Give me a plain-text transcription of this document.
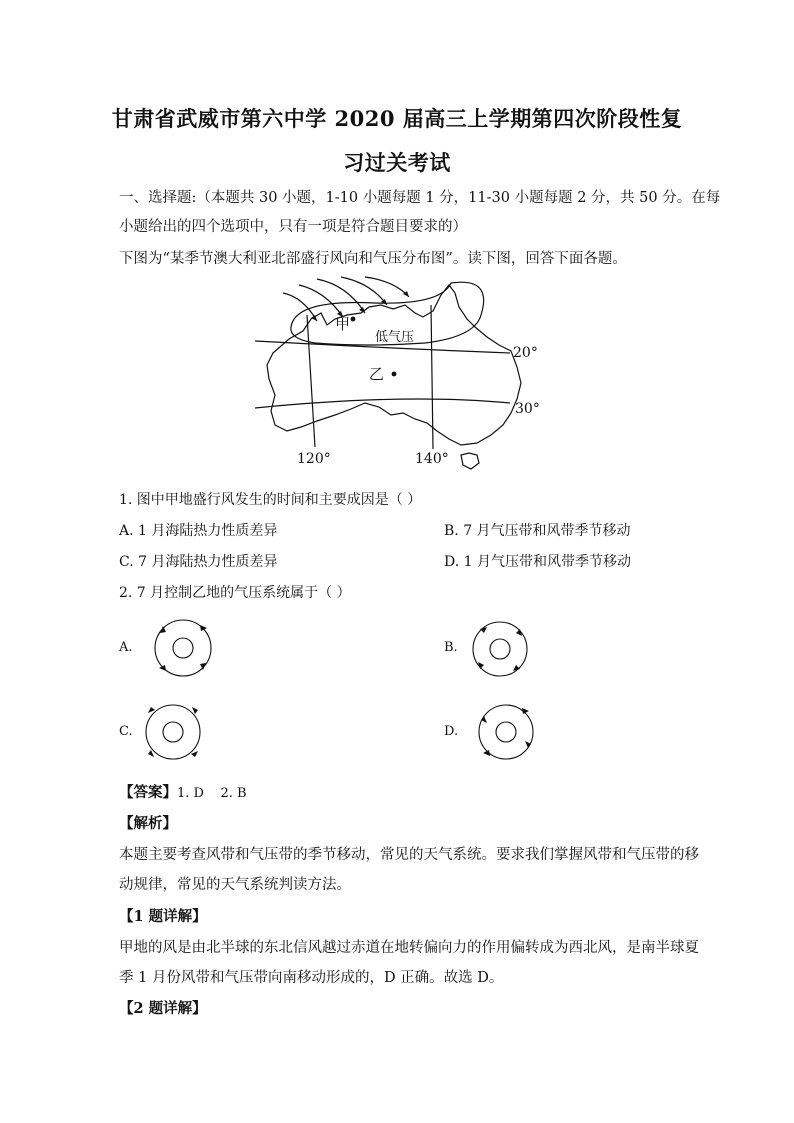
甘肃省武威市第六中学 2020 届高三上学期第四次阶段性复
习过关考试
一、选择题:（本题共 30 小题，1-10 小题每题 1 分，11-30 小题每题 2 分，共 50 分。在每
小题给出的四个选项中，只有一项是符合题目要求的）
下图为“某季节澳大利亚北部盛行风向和气压分布图”。读下图，回答下面各题。
甲
乙
低气压
20°
30°
120°	140°
1. 图中甲地盛行风发生的时间和主要成因是（ ）
A. 1 月海陆热力性质差异	B. 7 月气压带和风带季节移动
C. 7 月海陆热力性质差异	D. 1 月气压带和风带季节移动
2. 7 月控制乙地的气压系统属于（ ）
A.	B.
C.	D.
【答案】1. D    2. B
【解析】
本题主要考查风带和气压带的季节移动，常见的天气系统。要求我们掌握风带和气压带的移
动规律，常见的天气系统判读方法。
【1 题详解】
甲地的风是由北半球的东北信风越过赤道在地转偏向力的作用偏转成为西北风，是南半球夏
季 1 月份风带和气压带向南移动形成的，D 正确。故选 D。
【2 题详解】
